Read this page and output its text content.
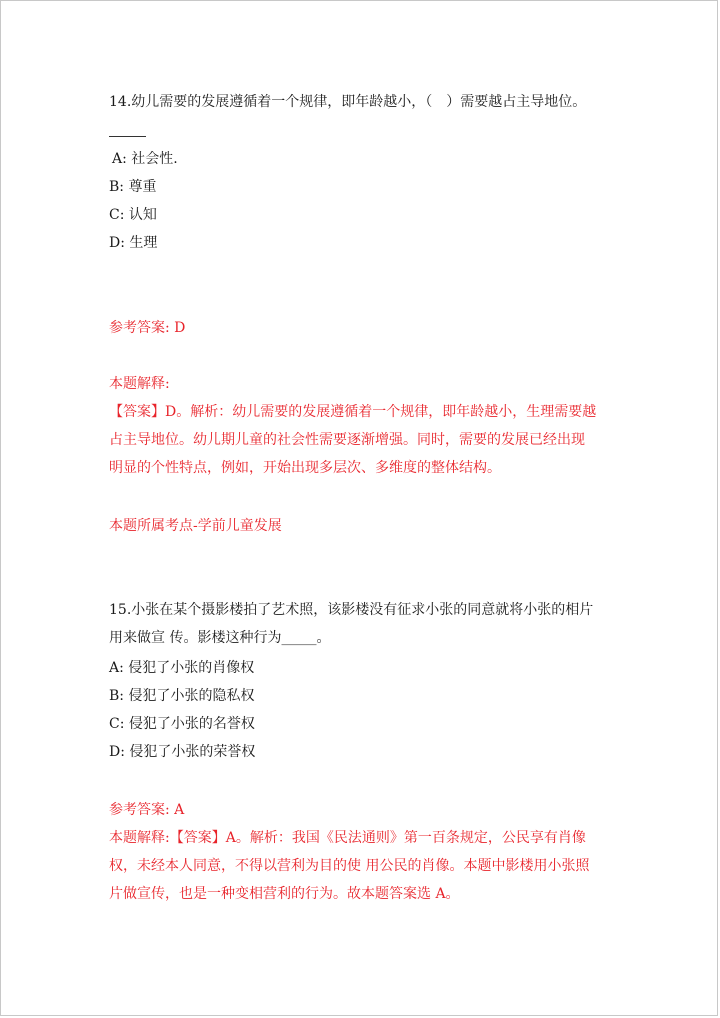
14.幼儿需要的发展遵循着一个规律，即年龄越小，（　）需要越占主导地位。
A: 社会性.
B: 尊重
C: 认知
D: 生理
参考答案: D
本题解释:
【答案】D。解析：幼儿需要的发展遵循着一个规律，即年龄越小，生理需要越
占主导地位。幼儿期儿童的社会性需要逐渐增强。同时，需要的发展已经出现
明显的个性特点，例如，开始出现多层次、多维度的整体结构。
本题所属考点-学前儿童发展
15.小张在某个摄影楼拍了艺术照，该影楼没有征求小张的同意就将小张的相片
用来做宣 传。影楼这种行为_____。
A: 侵犯了小张的肖像权
B: 侵犯了小张的隐私权
C: 侵犯了小张的名誉权
D: 侵犯了小张的荣誉权
参考答案: A
本题解释:【答案】A。解析：我国《民法通则》第一百条规定，公民享有肖像
权，未经本人同意，不得以营利为目的使 用公民的肖像。本题中影楼用小张照
片做宣传，也是一种变相营利的行为。故本题答案选 A。
